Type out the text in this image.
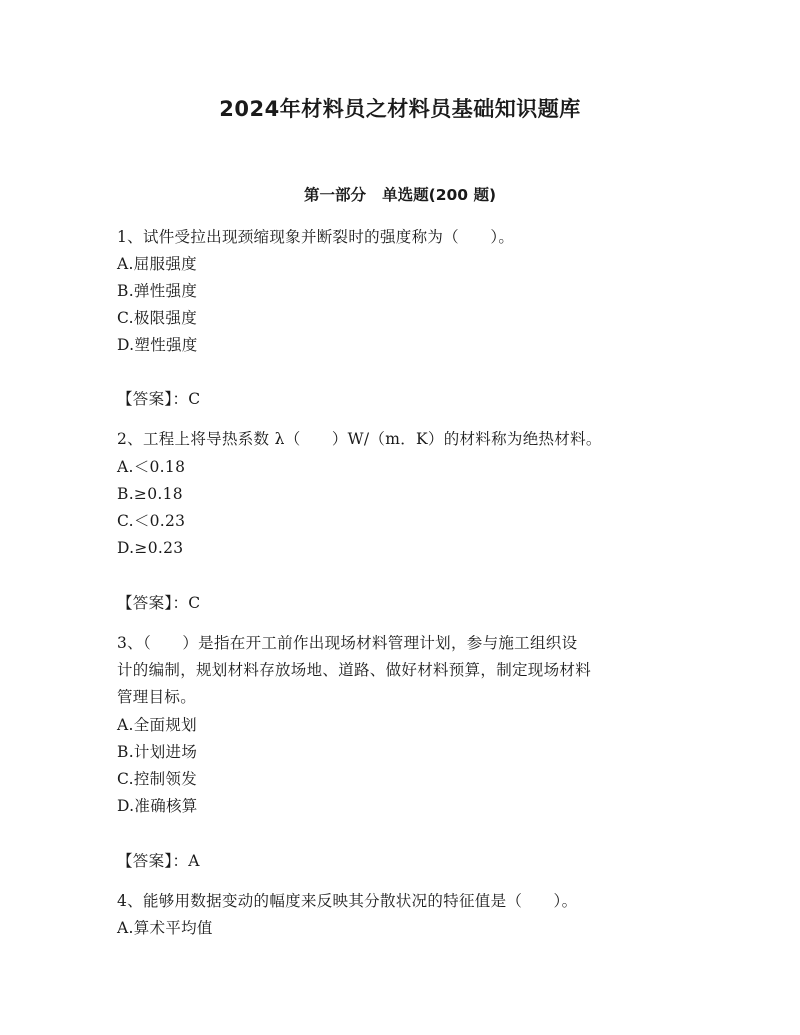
2024年材料员之材料员基础知识题库
第一部分   单选题(200 题)
1、试件受拉出现颈缩现象并断裂时的强度称为（      ）。
A.屈服强度
B.弹性强度
C.极限强度
D.塑性强度
【答案】：C
2、工程上将导热系数 λ（      ）W/（m．K）的材料称为绝热材料。
A.＜0.18
B.≥0.18
C.＜0.23
D.≥0.23
【答案】：C
3、（      ）是指在开工前作出现场材料管理计划，参与施工组织设
计的编制，规划材料存放场地、道路、做好材料预算，制定现场材料
管理目标。
A.全面规划
B.计划进场
C.控制领发
D.准确核算
【答案】：A
4、能够用数据变动的幅度来反映其分散状况的特征值是（      ）。
A.算术平均值
